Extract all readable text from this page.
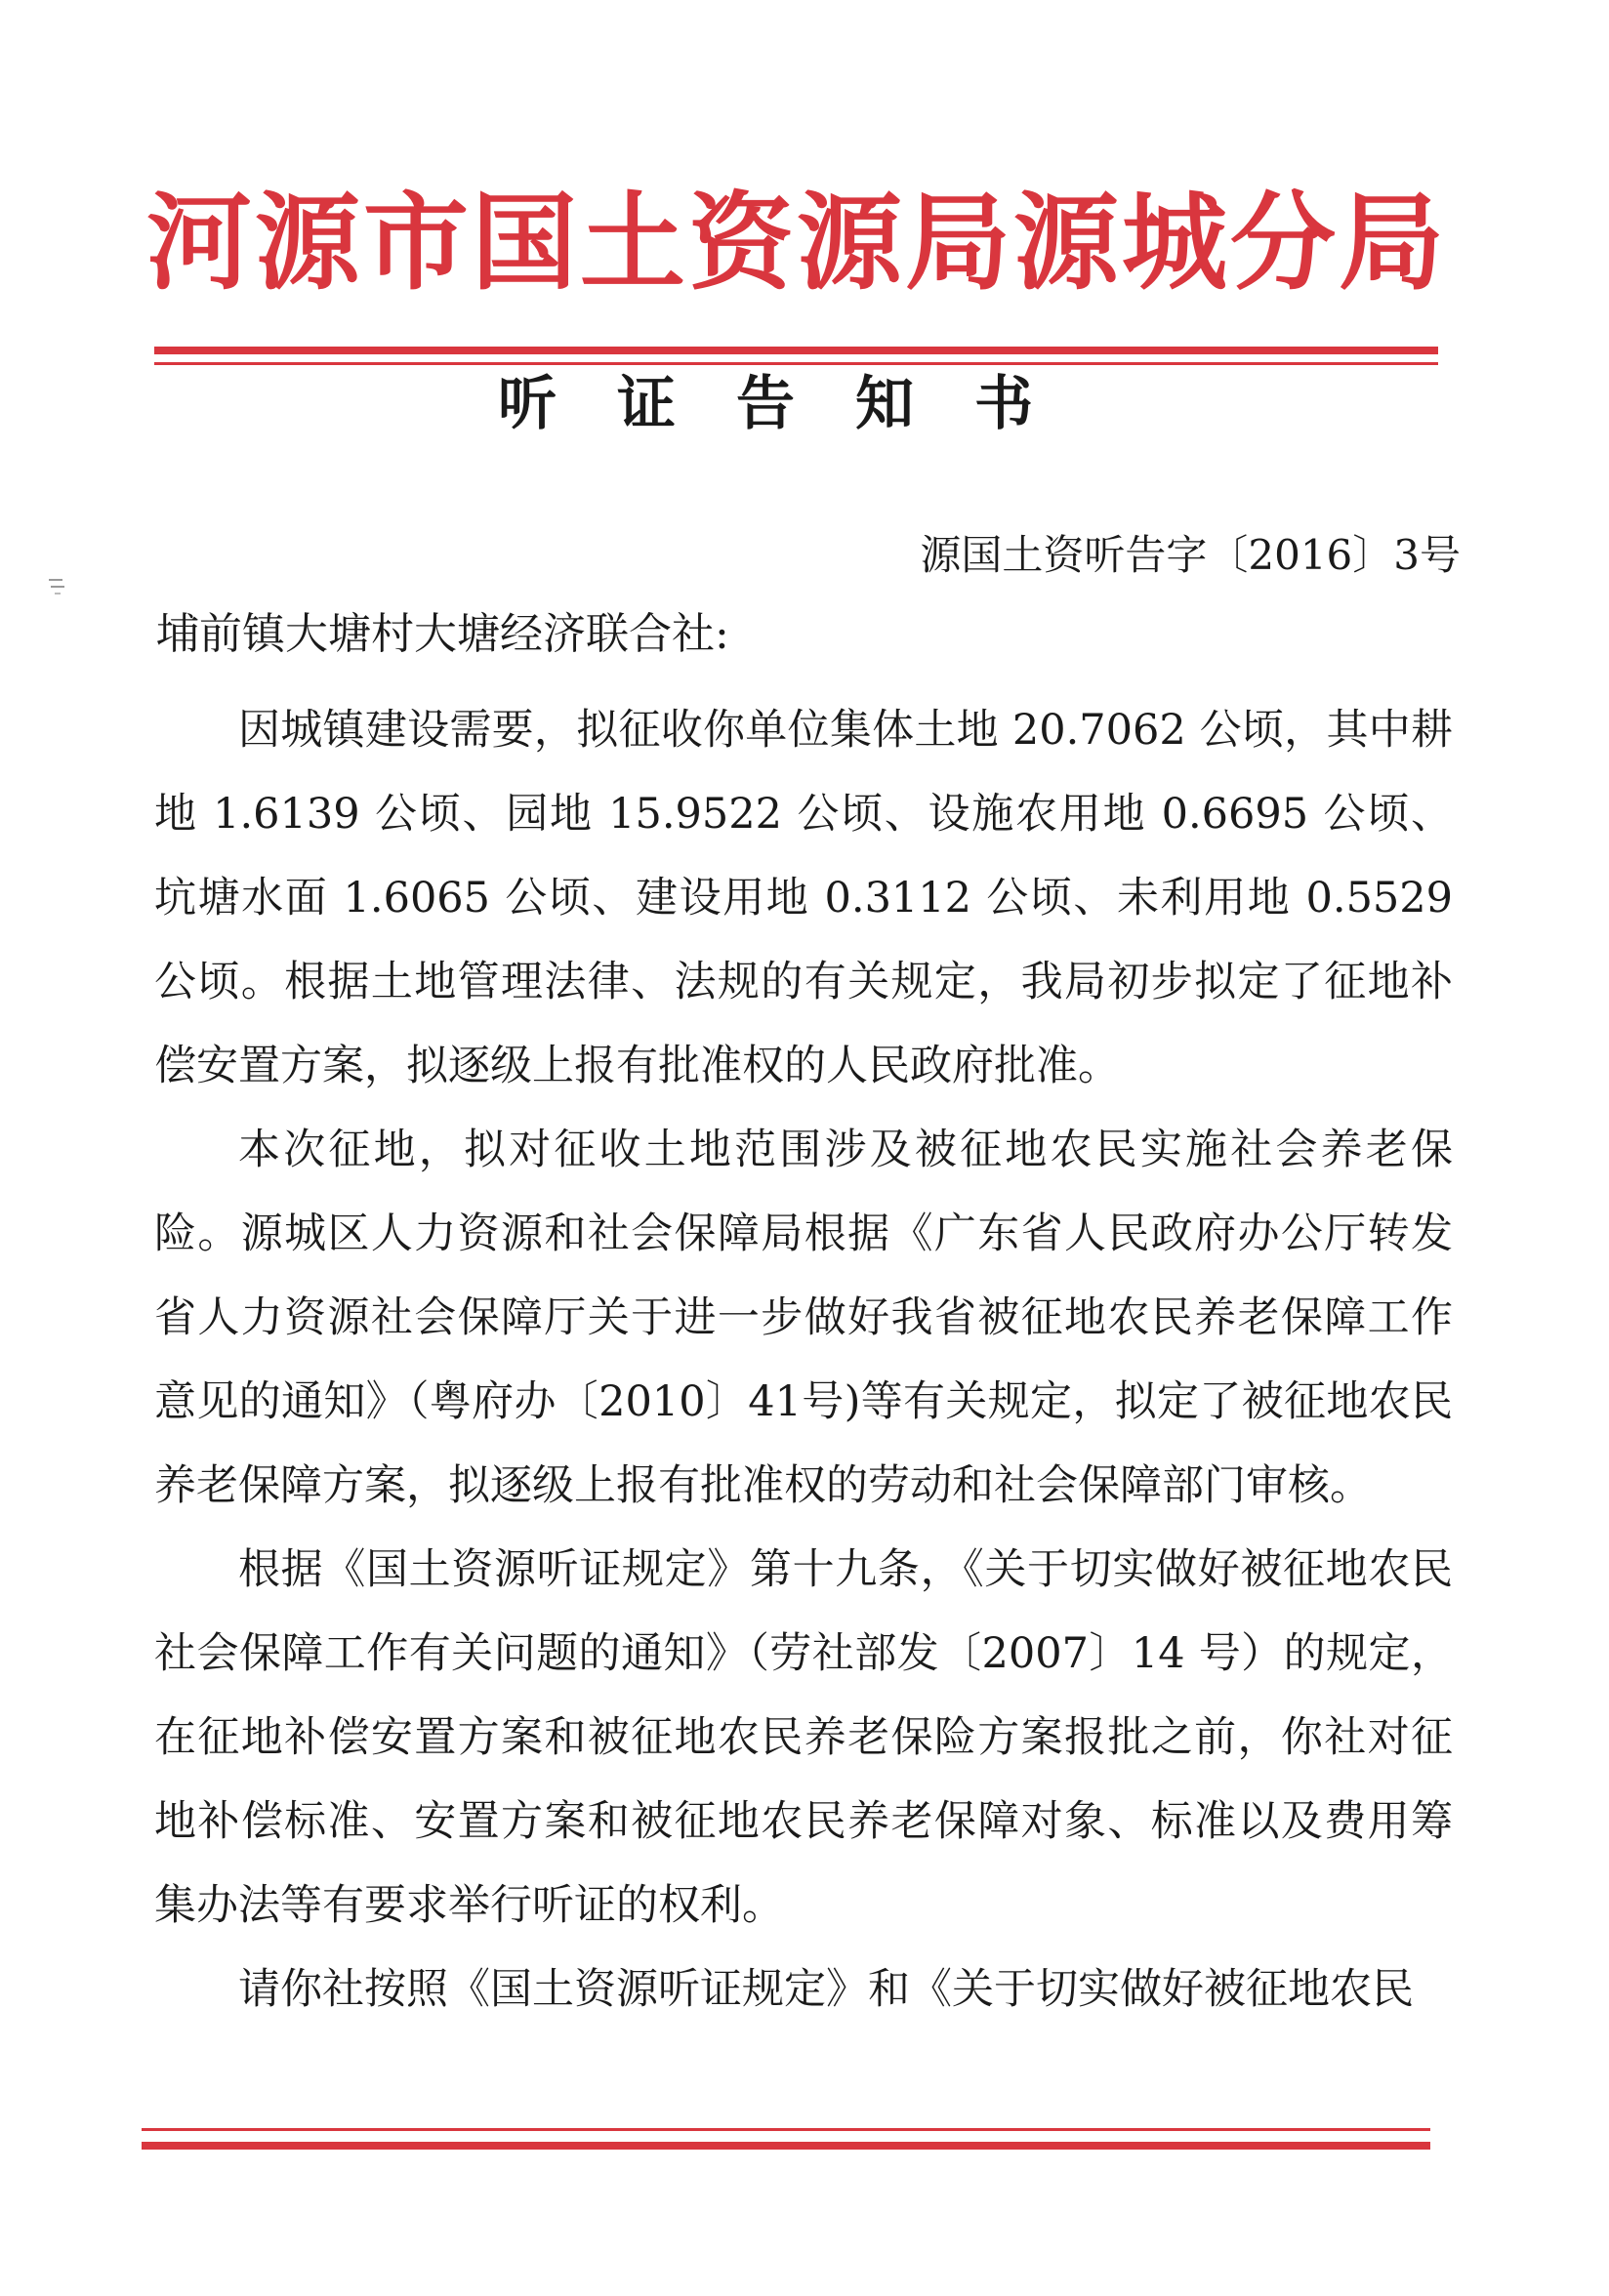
河源市国土资源局源城分局
听证告知书
源国土资听告字〔2016〕3号
埔前镇大塘村大塘经济联合社:

因城镇建设需要，拟征收你单位集体土地 20.7062 公顷，其中耕地 1.6139 公顷、园地 15.9522 公顷、设施农用地 0.6695 公顷、坑塘水面 1.6065 公顷、建设用地 0.3112 公顷、未利用地 0.5529 公顷。根据土地管理法律、法规的有关规定，我局初步拟定了征地补偿安置方案，拟逐级上报有批准权的人民政府批准。

本次征地，拟对征收土地范围涉及被征地农民实施社会养老保险。源城区人力资源和社会保障局根据《广东省人民政府办公厅转发省人力资源社会保障厅关于进一步做好我省被征地农民养老保障工作意见的通知》（粤府办〔2010〕41号)等有关规定，拟定了被征地农民养老保障方案，拟逐级上报有批准权的劳动和社会保障部门审核。

根据《国土资源听证规定》第十九条，《关于切实做好被征地农民社会保障工作有关问题的通知》（劳社部发〔2007〕14 号）的规定，在征地补偿安置方案和被征地农民养老保险方案报批之前，你社对征地补偿标准、安置方案和被征地农民养老保障对象、标准以及费用筹集办法等有要求举行听证的权利。

请你社按照《国土资源听证规定》和《关于切实做好被征地农民
